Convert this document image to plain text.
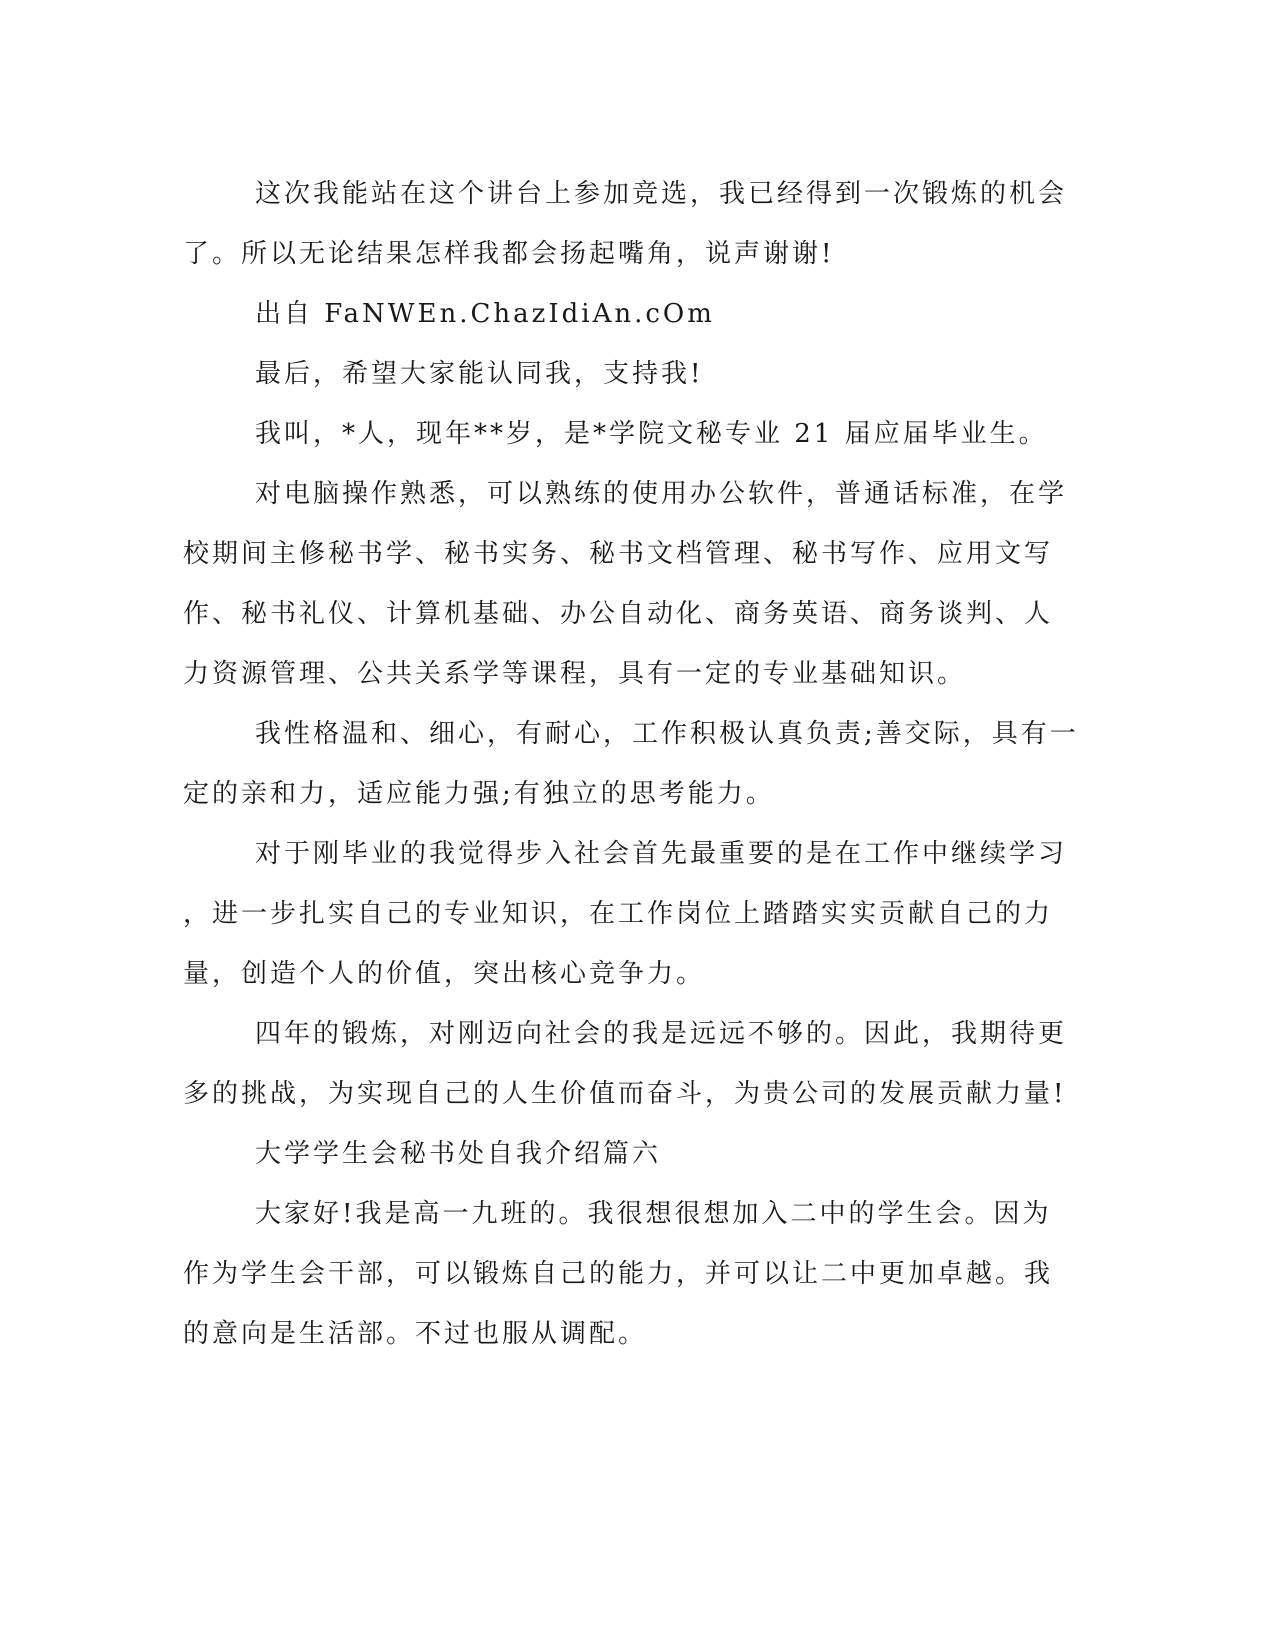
这次我能站在这个讲台上参加竞选，我已经得到一次锻炼的机会
了。所以无论结果怎样我都会扬起嘴角，说声谢谢!
出自 FaNWEn.ChazIdiAn.cOm
最后，希望大家能认同我，支持我!
我叫，*人，现年**岁，是*学院文秘专业 21 届应届毕业生。
对电脑操作熟悉，可以熟练的使用办公软件，普通话标准，在学
校期间主修秘书学、秘书实务、秘书文档管理、秘书写作、应用文写
作、秘书礼仪、计算机基础、办公自动化、商务英语、商务谈判、人
力资源管理、公共关系学等课程，具有一定的专业基础知识。
我性格温和、细心，有耐心，工作积极认真负责;善交际，具有一
定的亲和力，适应能力强;有独立的思考能力。
对于刚毕业的我觉得步入社会首先最重要的是在工作中继续学习
，进一步扎实自己的专业知识，在工作岗位上踏踏实实贡献自己的力
量，创造个人的价值，突出核心竞争力。
四年的锻炼，对刚迈向社会的我是远远不够的。因此，我期待更
多的挑战，为实现自己的人生价值而奋斗，为贵公司的发展贡献力量!
大学学生会秘书处自我介绍篇六
大家好!我是高一九班的。我很想很想加入二中的学生会。因为
作为学生会干部，可以锻炼自己的能力，并可以让二中更加卓越。我
的意向是生活部。不过也服从调配。
